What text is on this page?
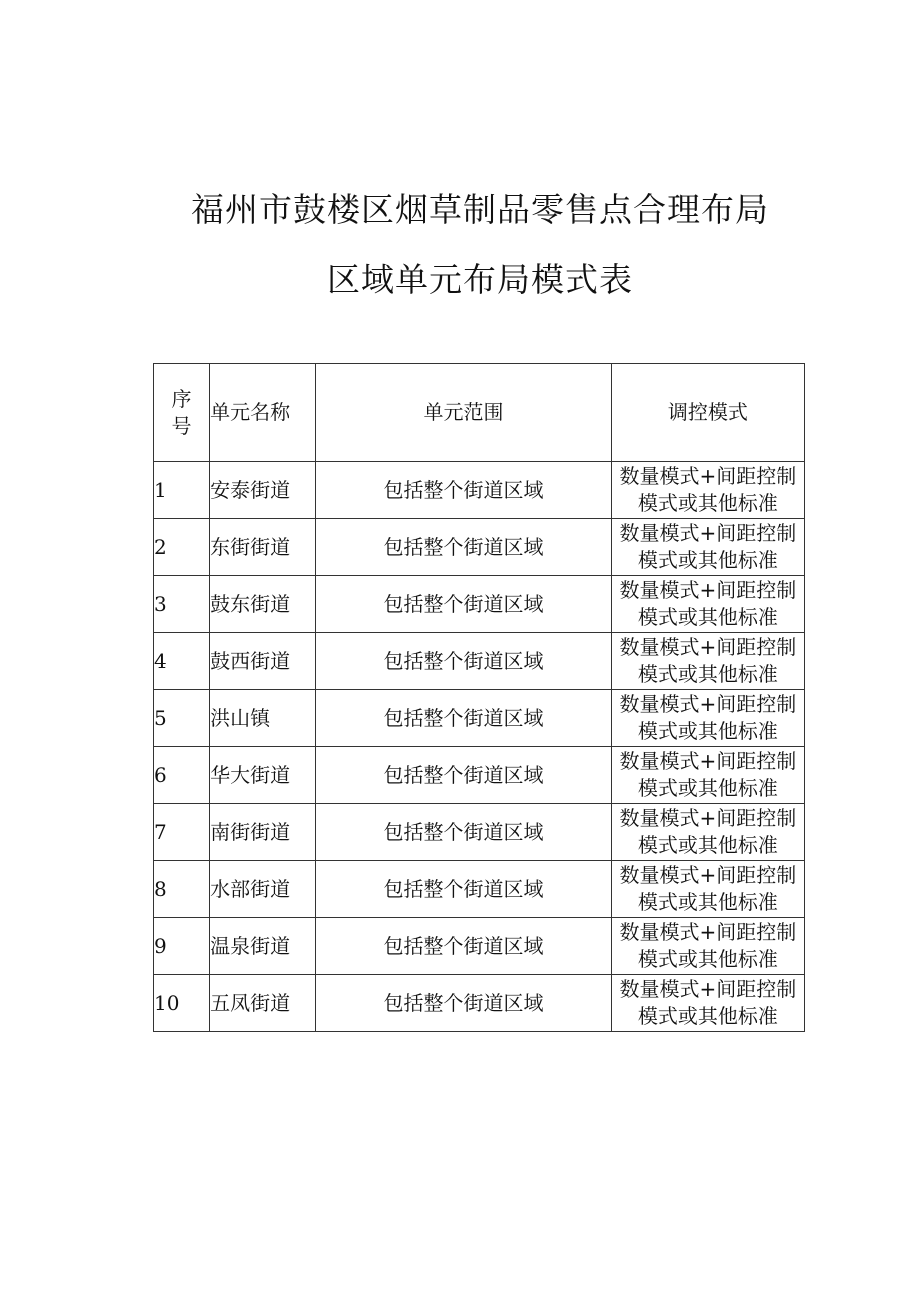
福州市鼓楼区烟草制品零售点合理布局
区域单元布局模式表
序
号	单元名称	单元范围	调控模式
1	安泰街道	包括整个街道区域	数量模式+间距控制
模式或其他标准

2	东街街道	包括整个街道区域	数量模式+间距控制
模式或其他标准

3	鼓东街道	包括整个街道区域	数量模式+间距控制
模式或其他标准

4	鼓西街道	包括整个街道区域	数量模式+间距控制
模式或其他标准

5	洪山镇	包括整个街道区域	数量模式+间距控制
模式或其他标准

6	华大街道	包括整个街道区域	数量模式+间距控制
模式或其他标准

7	南街街道	包括整个街道区域	数量模式+间距控制
模式或其他标准

8	水部街道	包括整个街道区域	数量模式+间距控制
模式或其他标准

9	温泉街道	包括整个街道区域	数量模式+间距控制
模式或其他标准

10	五凤街道	包括整个街道区域	数量模式+间距控制
模式或其他标准
